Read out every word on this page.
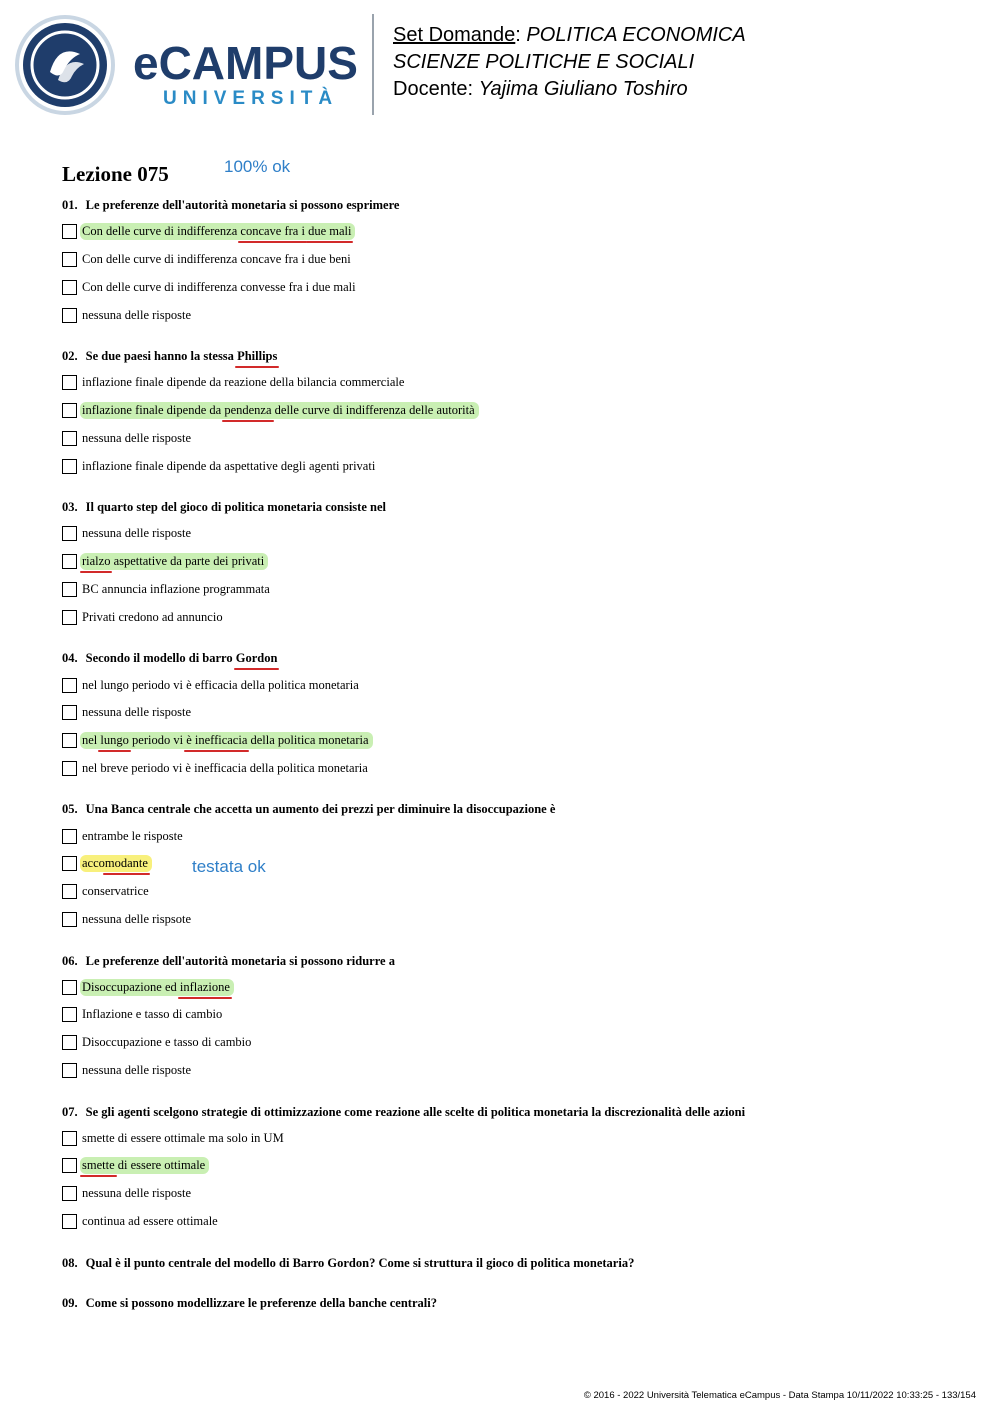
eCAMPUS
UNIVERSITÀ
Set Domande: POLITICA ECONOMICA
SCIENZE POLITICHE E SOCIALI
Docente: Yajima Giuliano Toshiro
Lezione 075	100% ok
testata ok
01. Le preferenze dell'autorità monetaria si possono esprimere
Con delle curve di indifferenza concave fra i due mali
Con delle curve di indifferenza concave fra i due beni
Con delle curve di indifferenza convesse fra i due mali
nessuna delle risposte
02. Se due paesi hanno la stessa Phillips
inflazione finale dipende da reazione della bilancia commerciale
inflazione finale dipende da pendenza delle curve di indifferenza delle autorità
nessuna delle risposte
inflazione finale dipende da aspettative degli agenti privati
03. Il quarto step del gioco di politica monetaria consiste nel
nessuna delle risposte
rialzo aspettative da parte dei privati
BC annuncia inflazione programmata
Privati credono ad annuncio
04. Secondo il modello di barro Gordon
nel lungo periodo vi è efficacia della politica monetaria
nessuna delle risposte
nel lungo periodo vi è inefficacia della politica monetaria
nel breve periodo vi è inefficacia della politica monetaria
05. Una Banca centrale che accetta un aumento dei prezzi per diminuire la disoccupazione è
entrambe le risposte
accomodante
conservatrice
nessuna delle rispsote
06. Le preferenze dell'autorità monetaria si possono ridurre a
Disoccupazione ed inflazione
Inflazione e tasso di cambio
Disoccupazione e tasso di cambio
nessuna delle risposte
07. Se gli agenti scelgono strategie di ottimizzazione come reazione alle scelte di politica monetaria la discrezionalità delle azioni
smette di essere ottimale ma solo in UM
smette di essere ottimale
nessuna delle risposte
continua ad essere ottimale
08. Qual è il punto centrale del modello di Barro Gordon? Come si struttura il gioco di politica monetaria?
09. Come si possono modellizzare le preferenze della banche centrali?
© 2016 - 2022 Università Telematica eCampus - Data Stampa 10/11/2022 10:33:25 - 133/154
